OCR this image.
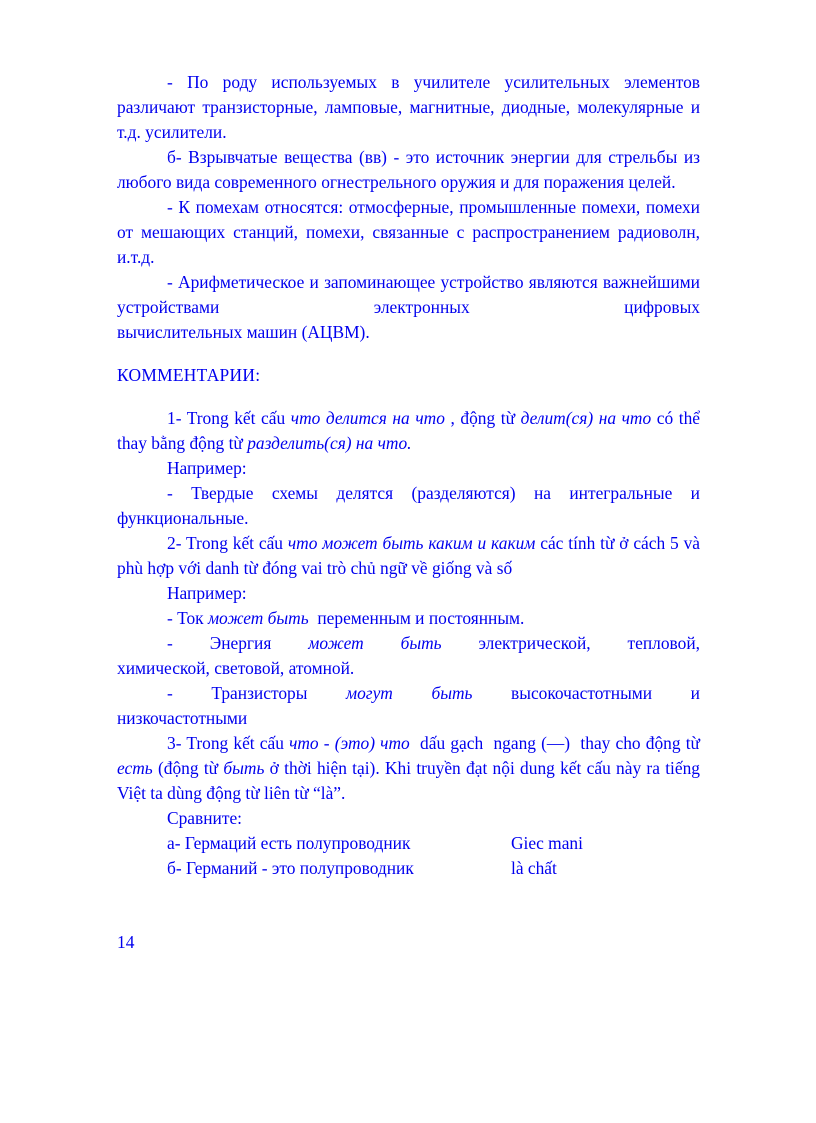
- По роду используемых в училителе усилительных элементов различают транзисторные, ламповые, магнитные, диодные, молекулярные и т.д. усилители.

б- Взрывчатые вещества (вв) - это источник энергии для стрельбы из любого вида современного огнестрельного оружия и для поражения целей.

- К помехам относятся: отмосферные, промышленные помехи, помехи от мешающих станций, помехи, связанные с распространением радиоволн, и.т.д.

- Арифметическое и запоминающее устройство являются важнейшими устройствами электронных цифровых

вычислительных машин (АЦВМ).

КОММЕНТАРИИ:

1- Trong kết cấu что делится на что , động từ делит(ся) на что có thể thay bằng động từ разделить(ся) на что.

Например:

- Твердые схемы делятся (разделяются) на интегральные и функциональные.

2- Trong kết cấu что может быть каким и каким các tính từ ở cách 5 và phù hợp với danh từ đóng vai trò chủ ngữ về giống và số

Например:

- Ток может быть  переменным и постоянным.

- Энергия может быть электрической, тепловой,

химической, световой, атомной.

- Транзисторы могут быть высокочастотными и

низкочастотными

3- Trong kết cấu что - (это) что  dấu gạch  ngang (—)  thay cho động từ есть (động từ быть ở thời hiện tại). Khi truyền đạt nội dung kết cấu này ra tiếng Việt ta dùng động từ liên từ “là”.

Сравните:

а- Гермаций есть полупроводник	Giec mani
б- Германий - это полупроводник	là chất
14
